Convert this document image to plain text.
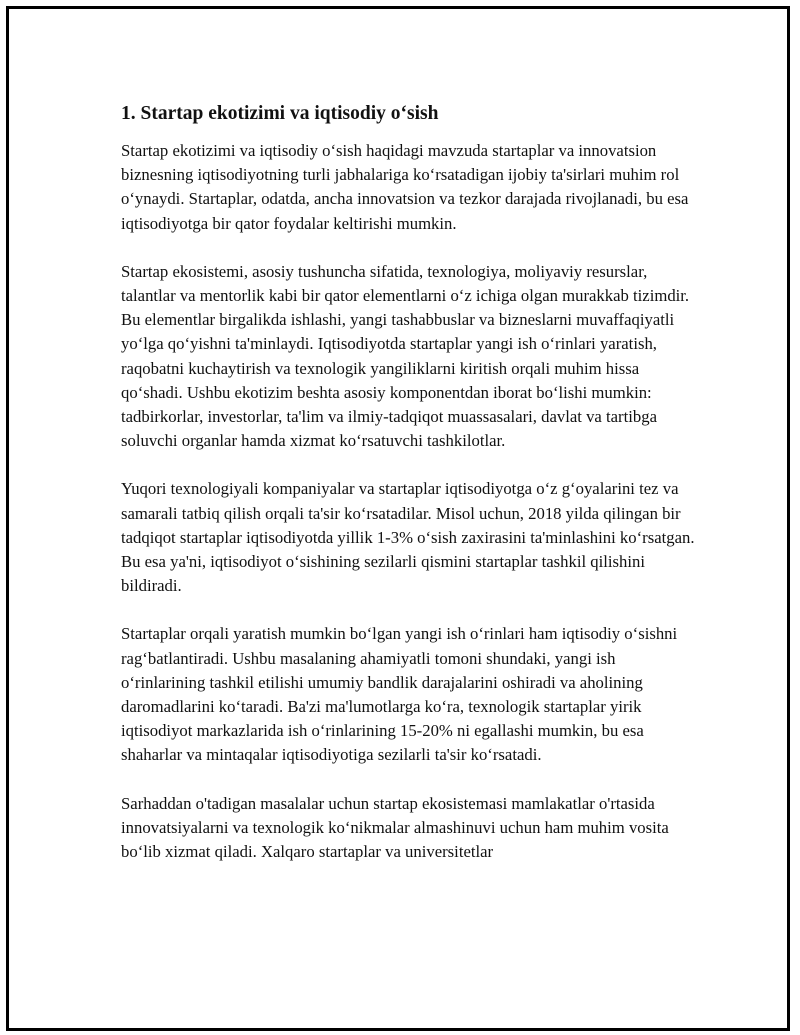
1. Startap ekotizimi va iqtisodiy o‘sish

Startap ekotizimi va iqtisodiy o‘sish haqidagi mavzuda startaplar va innovatsion biznesning iqtisodiyotning turli jabhalariga ko‘rsatadigan ijobiy ta'sirlari muhim rol o‘ynaydi. Startaplar, odatda, ancha innovatsion va tezkor darajada rivojlanadi, bu esa iqtisodiyotga bir qator foydalar keltirishi mumkin.

Startap ekosistemi, asosiy tushuncha sifatida, texnologiya, moliyaviy resurslar, talantlar va mentorlik kabi bir qator elementlarni o‘z ichiga olgan murakkab tizimdir. Bu elementlar birgalikda ishlashi, yangi tashabbuslar va bizneslarni muvaffaqiyatli yo‘lga qo‘yishni ta'minlaydi. Iqtisodiyotda startaplar yangi ish o‘rinlari yaratish, raqobatni kuchaytirish va texnologik yangiliklarni kiritish orqali muhim hissa qo‘shadi. Ushbu ekotizim beshta asosiy komponentdan iborat bo‘lishi mumkin: tadbirkorlar, investorlar, ta'lim va ilmiy-tadqiqot muassasalari, davlat va tartibga soluvchi organlar hamda xizmat ko‘rsatuvchi tashkilotlar.

Yuqori texnologiyali kompaniyalar va startaplar iqtisodiyotga o‘z g‘oyalarini tez va samarali tatbiq qilish orqali ta'sir ko‘rsatadilar. Misol uchun, 2018 yilda qilingan bir tadqiqot startaplar iqtisodiyotda yillik 1-3% o‘sish zaxirasini ta'minlashini ko‘rsatgan. Bu esa ya'ni, iqtisodiyot o‘sishining sezilarli qismini startaplar tashkil qilishini bildiradi.

Startaplar orqali yaratish mumkin bo‘lgan yangi ish o‘rinlari ham iqtisodiy o‘sishni rag‘batlantiradi. Ushbu masalaning ahamiyatli tomoni shundaki, yangi ish o‘rinlarining tashkil etilishi umumiy bandlik darajalarini oshiradi va aholining daromadlarini ko‘taradi. Ba'zi ma'lumotlarga ko‘ra, texnologik startaplar yirik iqtisodiyot markazlarida ish o‘rinlarining 15-20% ni egallashi mumkin, bu esa shaharlar va mintaqalar iqtisodiyotiga sezilarli ta'sir ko‘rsatadi.

Sarhaddan o'tadigan masalalar uchun startap ekosistemasi mamlakatlar o'rtasida innovatsiyalarni va texnologik ko‘nikmalar almashinuvi uchun ham muhim vosita bo‘lib xizmat qiladi. Xalqaro startaplar va universitetlar
